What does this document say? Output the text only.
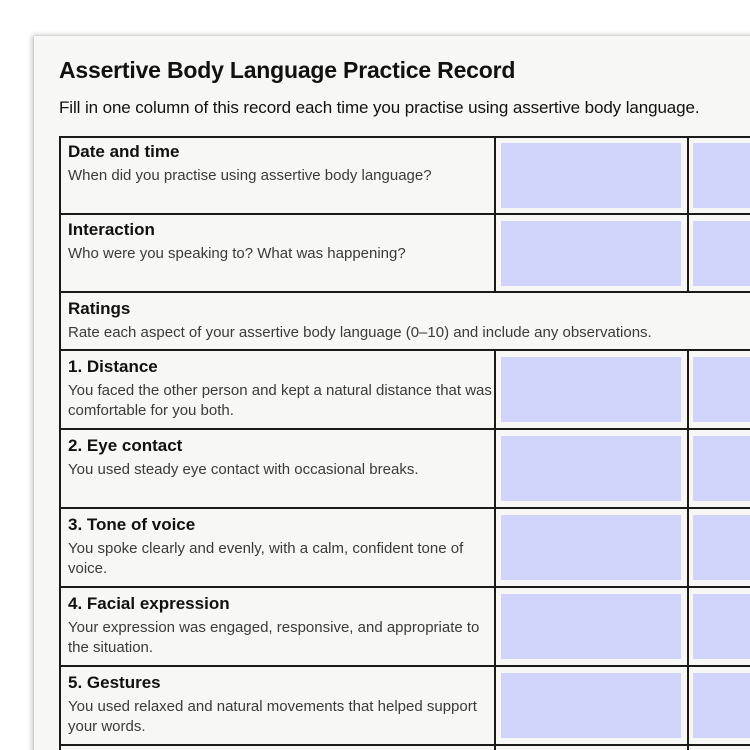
Assertive Body Language Practice Record

Fill in one column of this record each time you practise using assertive body language.

Date and time
When did you practise using assertive body language?
Interaction
Who were you speaking to? What was happening?
Ratings
Rate each aspect of your assertive body language (0–10) and include any observations.
1. Distance
You faced the other person and kept a natural distance that was comfortable for you both.
2. Eye contact
You used steady eye contact with occasional breaks.
3. Tone of voice
You spoke clearly and evenly, with a calm, confident tone of voice.
4. Facial expression
Your expression was engaged, responsive, and appropriate to the situation.
5. Gestures
You used relaxed and natural movements that helped support your words.
